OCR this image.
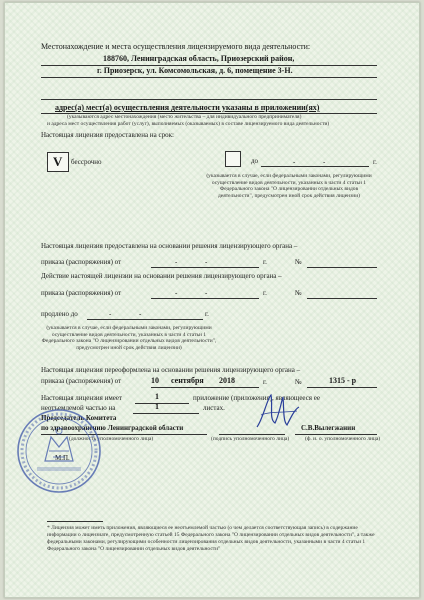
Местонахождение и места осуществления лицензируемого вида деятельности:
188760, Ленинградская область, Приозерский район,
г. Приозерск, ул. Комсомольская, д. 6, помещение 3-Н.
адрес(а) мест(а) осуществления деятельности указаны в приложении(ях)
(указываются адрес местонахождения (место жительства – для индивидуального предпринимателя)
и адреса мест осуществления работ (услуг), выполняемых (оказываемых) в составе лицензируемого вида деятельности)
Настоящая лицензия предоставлена на срок:
V бессрочно	до	-	-	г.
(указывается в случае, если федеральными законами, регулирующими осуществление видов деятельности, указанных в части 4 статьи 1 Федерального закона "О лицензировании отдельных видов деятельности", предусмотрен иной срок действия лицензии)
Настоящая лицензия предоставлена на основании решения лицензирующего органа –
приказа (распоряжения) от	-	-	г.	№
Действие настоящей лицензии на основании решения лицензирующего органа –
приказа (распоряжения) от	-	-	г.	№
продлено до	-	-	г.
(указывается в случае, если федеральными законами, регулирующими осуществление видов деятельности, указанных в части 4 статьи 1 Федерального закона "О лицензировании отдельных видов деятельности", предусмотрен иной срок действия лицензии)
Настоящая лицензия переоформлена на основании решения лицензирующего органа –
приказа (распоряжения) от	10 сентября 2018	г.	№	1315 - р
Настоящая лицензия имеет	1	приложение (приложения), являющееся ее
неотъемлемой частью на	1	листах.
Председатель Комитета
по здравоохранению Ленинградской области	С.В.Вылегжанин
(должность уполномоченного лица)	(подпись уполномоченного лица)	(ф. и. о. уполномоченного лица)
М.П.
* Лицензия может иметь приложения, являющиеся ее неотъемлемой частью (о чем делается соответствующая запись) в содержание информации о лицензиате, предусмотренную статьей 15 Федерального закона "О лицензировании отдельных видов деятельности", а также федеральными законами, регулирующими особенности лицензирования отдельных видов деятельности, указанными в части 4 статьи 1 Федерального закона "О лицензировании отдельных видов деятельности"
